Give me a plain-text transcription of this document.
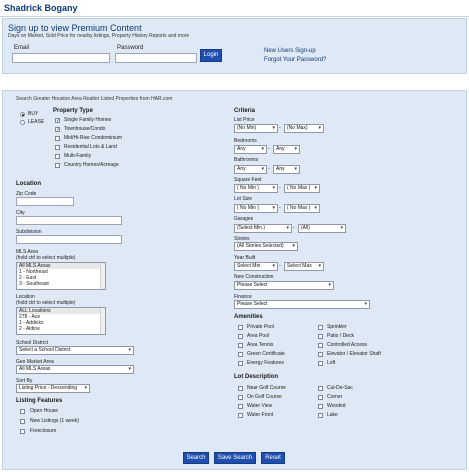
Shadrick Bogany
Sign up to view Premium Content
Days on Market, Sold Price for nearby listings, Property History Reports and more
Email	Password
Login
New Users Sign-up
Forgot Your Password?
Search Greater Houston Area Realtor Listed Properties from HAR.com
BUY
LEASE
Property Type
✓ Single Family Homes
✓ Townhouse/Condo
Mid/Hi-Rise Condominium
Residential Lots & Land
Multi-Family
Country Homes/Acreage
Location
Zip Code
City
Subdivision
MLS Area
(hold ctrl to select multiple)
All MLS Areas
1 - Northeast
2 - East
3 - Southeast
Location
(hold ctrl to select multiple)
ALL Locations
278 - Ace
1 - Addicks
2 - Aldine
School District
Select a School District ▾
Geo Market Area
All MLS Areas ▾
Sort By
Listing Price - Descending ▾
Listing Features
Open House
New Listings (1 week)
Foreclosure
Criteria
List Price
(No Min) ▾	-	(No Max) ▾
Bedrooms
Any ▾	-	Any ▾
Bathrooms
Any ▾	-	Any ▾
Square Feet
( No Min ) ▾	-	( No Max ) ▾
Lot Size
( No Min ) ▾	-	( No Max ) ▾
Garages
(Select Min.) ▾	-	(All) ▾
Stories
(All Stories Selected) ▾
Year Built
Select Min ▾	-	Select Max ▾
New Construction
Please Select ▾
Finance
Please Select ▾
Amenities
Private Pool
Area Pool
Area Tennis
Green Certificate
Energy Features
Sprinkler
Patio / Deck
Controlled Access
Elevator / Elevator Shaft
Loft
Lot Description
Near Golf Course
On Golf Course
Water View
Water Front
Cul-De-Sac
Corner
Wooded
Lake
Search	Save Search	Reset
